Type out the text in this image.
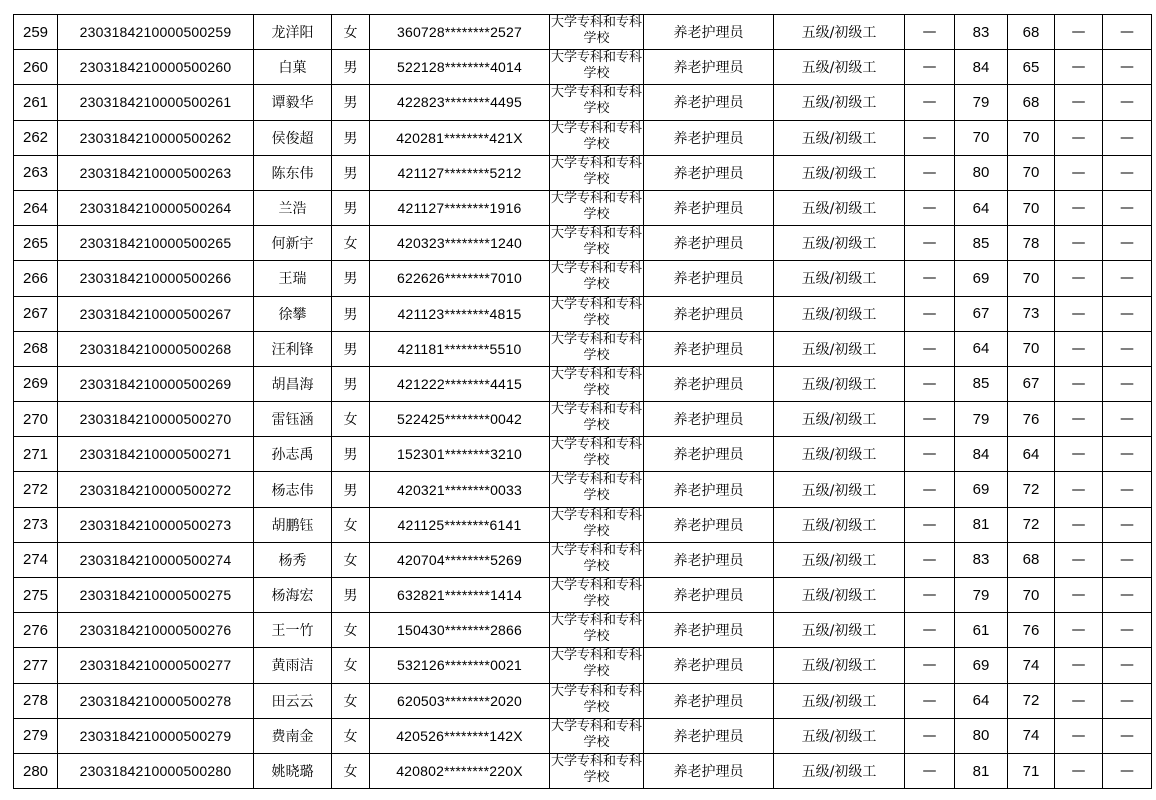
259	2303184210000500259	龙洋阳	女	360728********2527	大学专科和专科学校	养老护理员	五级/初级工	—	83	68	—	—
260	2303184210000500260	白菓	男	522128********4014	大学专科和专科学校	养老护理员	五级/初级工	—	84	65	—	—
261	2303184210000500261	谭毅华	男	422823********4495	大学专科和专科学校	养老护理员	五级/初级工	—	79	68	—	—
262	2303184210000500262	侯俊超	男	420281********421X	大学专科和专科学校	养老护理员	五级/初级工	—	70	70	—	—
263	2303184210000500263	陈东伟	男	421127********5212	大学专科和专科学校	养老护理员	五级/初级工	—	80	70	—	—
264	2303184210000500264	兰浩	男	421127********1916	大学专科和专科学校	养老护理员	五级/初级工	—	64	70	—	—
265	2303184210000500265	何新宇	女	420323********1240	大学专科和专科学校	养老护理员	五级/初级工	—	85	78	—	—
266	2303184210000500266	王瑞	男	622626********7010	大学专科和专科学校	养老护理员	五级/初级工	—	69	70	—	—
267	2303184210000500267	徐攀	男	421123********4815	大学专科和专科学校	养老护理员	五级/初级工	—	67	73	—	—
268	2303184210000500268	汪利锋	男	421181********5510	大学专科和专科学校	养老护理员	五级/初级工	—	64	70	—	—
269	2303184210000500269	胡昌海	男	421222********4415	大学专科和专科学校	养老护理员	五级/初级工	—	85	67	—	—
270	2303184210000500270	雷钰涵	女	522425********0042	大学专科和专科学校	养老护理员	五级/初级工	—	79	76	—	—
271	2303184210000500271	孙志禹	男	152301********3210	大学专科和专科学校	养老护理员	五级/初级工	—	84	64	—	—
272	2303184210000500272	杨志伟	男	420321********0033	大学专科和专科学校	养老护理员	五级/初级工	—	69	72	—	—
273	2303184210000500273	胡鹏钰	女	421125********6141	大学专科和专科学校	养老护理员	五级/初级工	—	81	72	—	—
274	2303184210000500274	杨秀	女	420704********5269	大学专科和专科学校	养老护理员	五级/初级工	—	83	68	—	—
275	2303184210000500275	杨海宏	男	632821********1414	大学专科和专科学校	养老护理员	五级/初级工	—	79	70	—	—
276	2303184210000500276	王一竹	女	150430********2866	大学专科和专科学校	养老护理员	五级/初级工	—	61	76	—	—
277	2303184210000500277	黄雨洁	女	532126********0021	大学专科和专科学校	养老护理员	五级/初级工	—	69	74	—	—
278	2303184210000500278	田云云	女	620503********2020	大学专科和专科学校	养老护理员	五级/初级工	—	64	72	—	—
279	2303184210000500279	费南金	女	420526********142X	大学专科和专科学校	养老护理员	五级/初级工	—	80	74	—	—
280	2303184210000500280	姚晓璐	女	420802********220X	大学专科和专科学校	养老护理员	五级/初级工	—	81	71	—	—
